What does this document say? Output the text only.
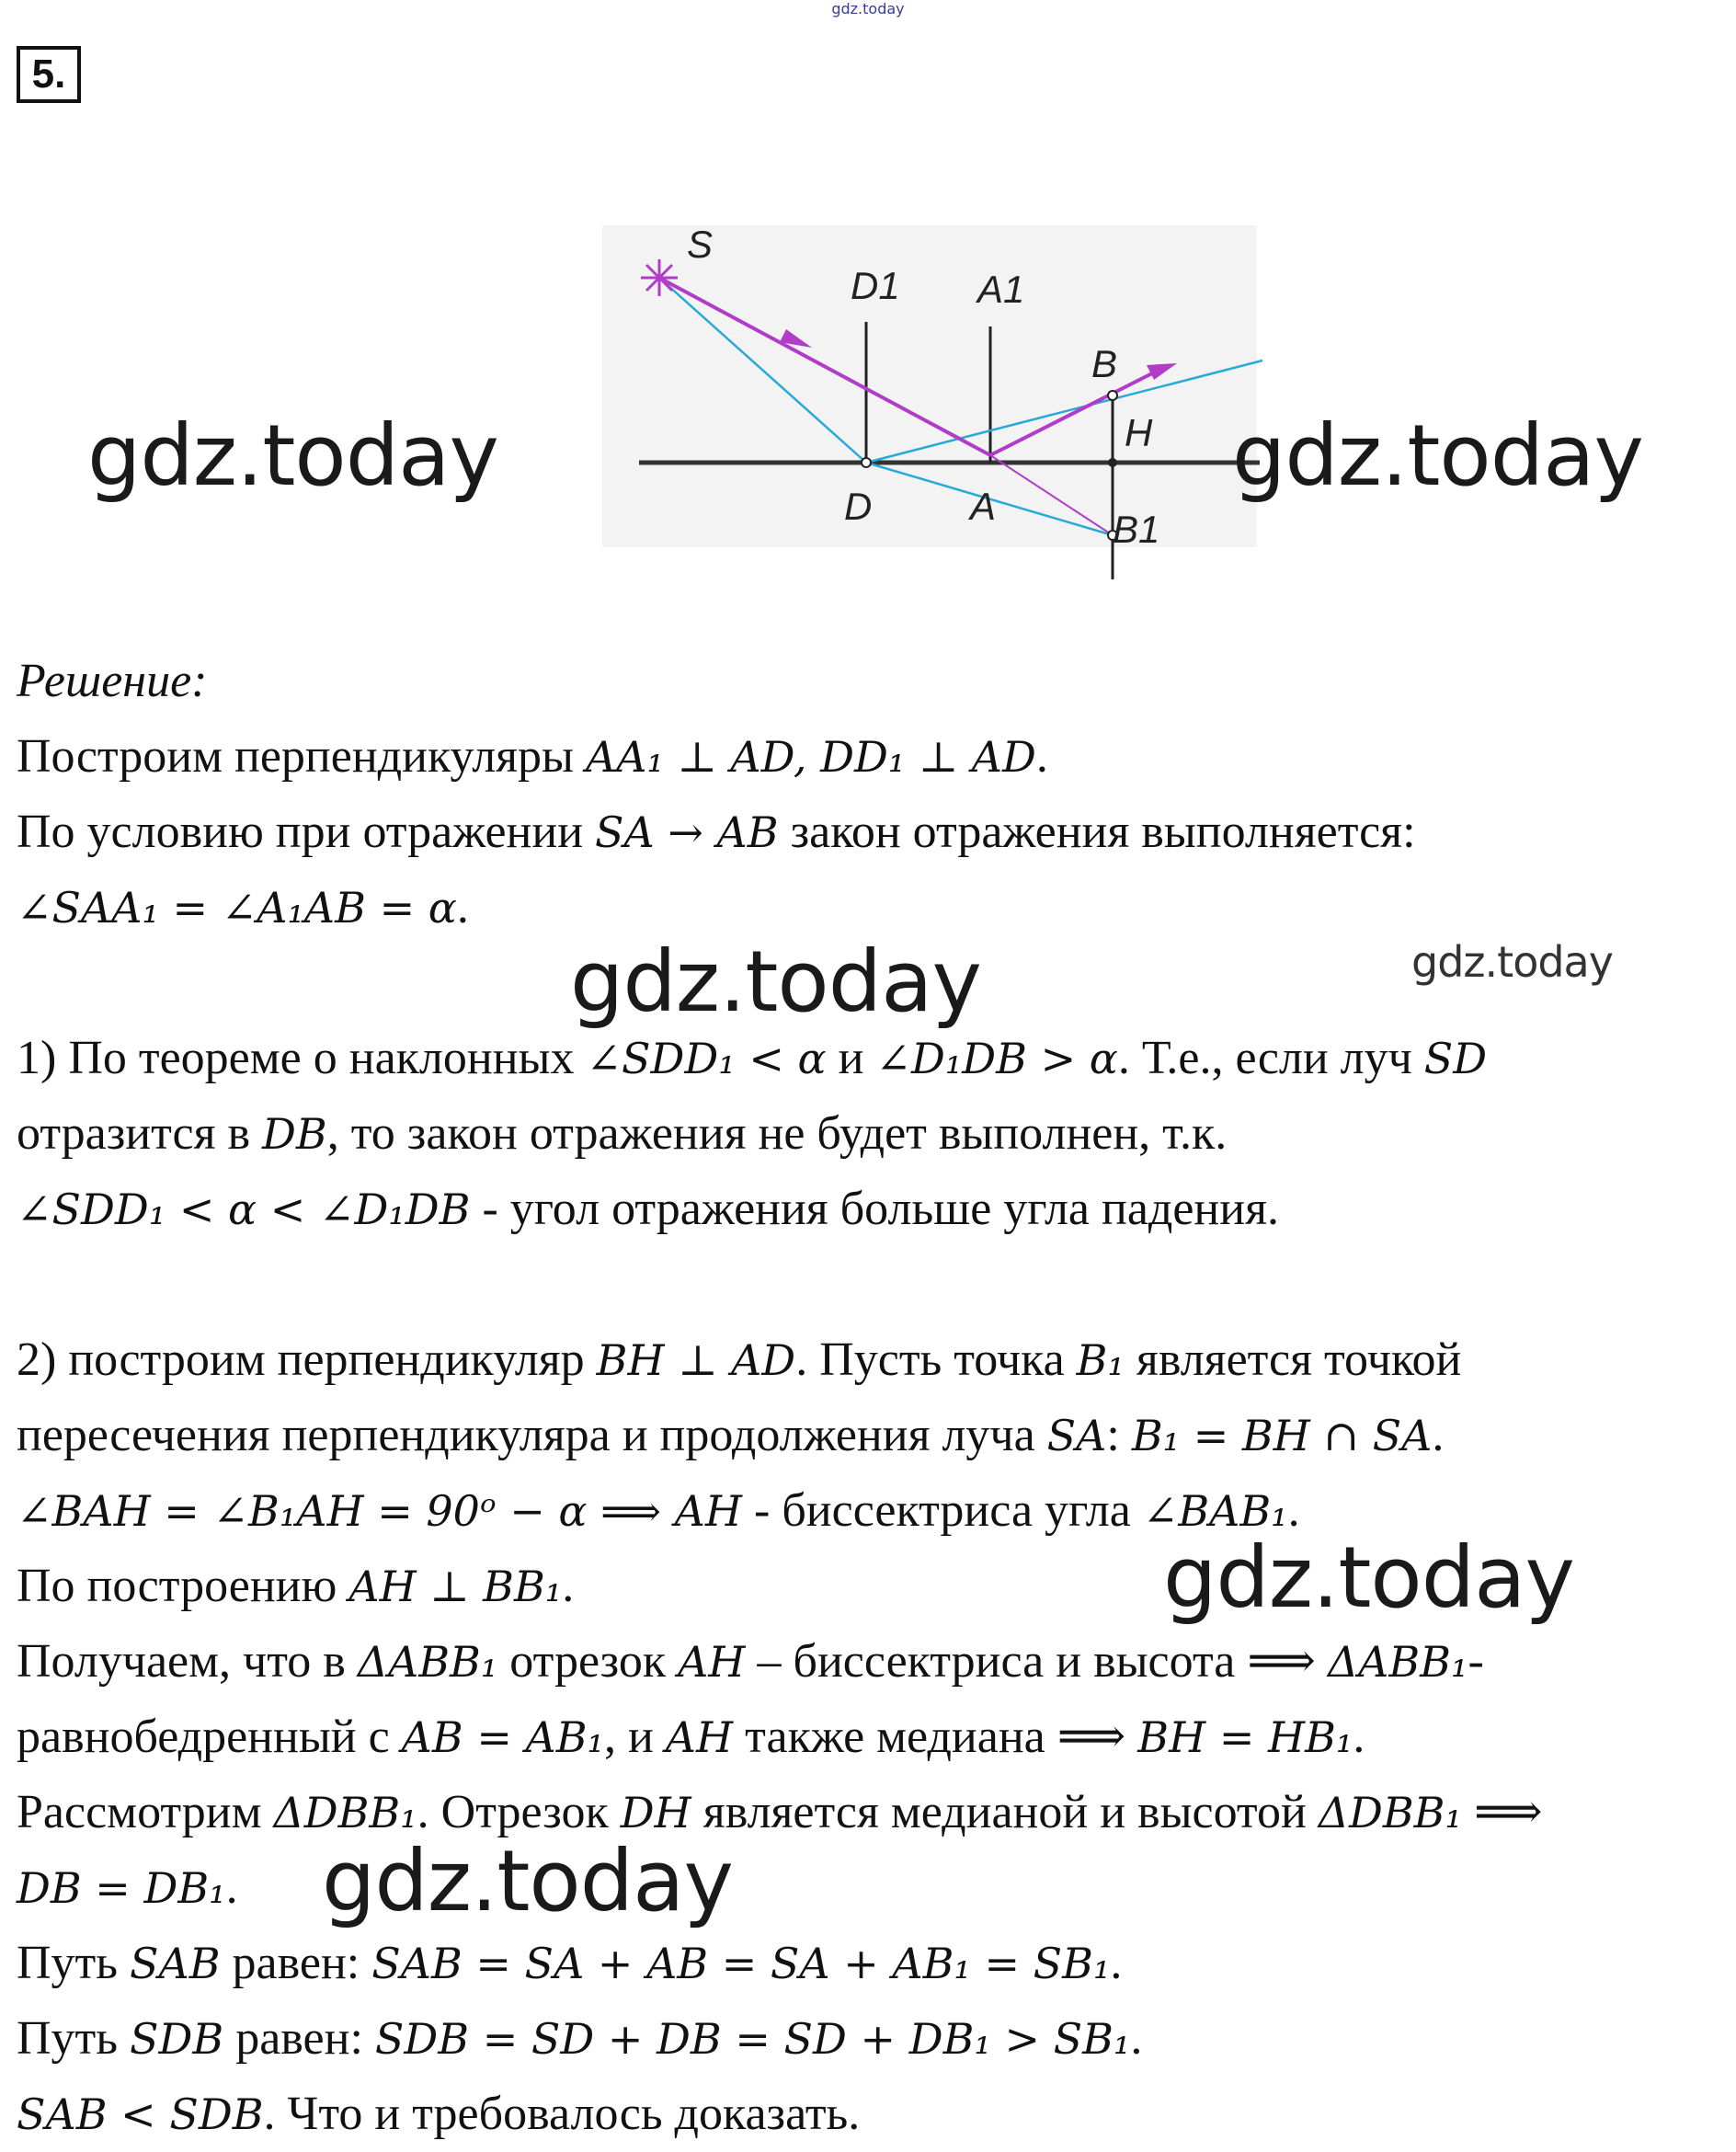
gdz.today
5.
S
D1 A1
B
H
D	A
B1
gdz.today	gdz.today
gdz.today	gdz.today
gdz.today
gdz.today
Решение:
Построим перпендикуляры AA₁ ⊥ AD, DD₁ ⊥ AD.
По условию при отражении SA → AB закон отражения выполняется:
∠SAA₁ = ∠A₁AB = α.
1) По теореме о наклонных ∠SDD₁ < α и ∠D₁DB > α. Т.е., если луч SD
отразится в DB, то закон отражения не будет выполнен, т.к.
∠SDD₁ < α < ∠D₁DB - угол отражения больше угла падения.
2) построим перпендикуляр BH ⊥ AD. Пусть точка B₁ является точкой
пересечения перпендикуляра и продолжения луча SA: B₁ = BH ∩ SA.
∠BAH = ∠B₁AH = 90ᵒ − α ⟹ AH - биссектриса угла ∠BAB₁.
По построению AH ⊥ BB₁.
Получаем, что в ΔABB₁ отрезок AH – биссектриса и высота ⟹ ΔABB₁-
равнобедренный с AB = AB₁, и AH также медиана ⟹ BH = HB₁.
Рассмотрим ΔDBB₁. Отрезок DH является медианой и высотой ΔDBB₁ ⟹
DB = DB₁.
Путь SAB равен: SAB = SA + AB = SA + AB₁ = SB₁.
Путь SDB равен: SDB = SD + DB = SD + DB₁ > SB₁.
SAB < SDB. Что и требовалось доказать.
